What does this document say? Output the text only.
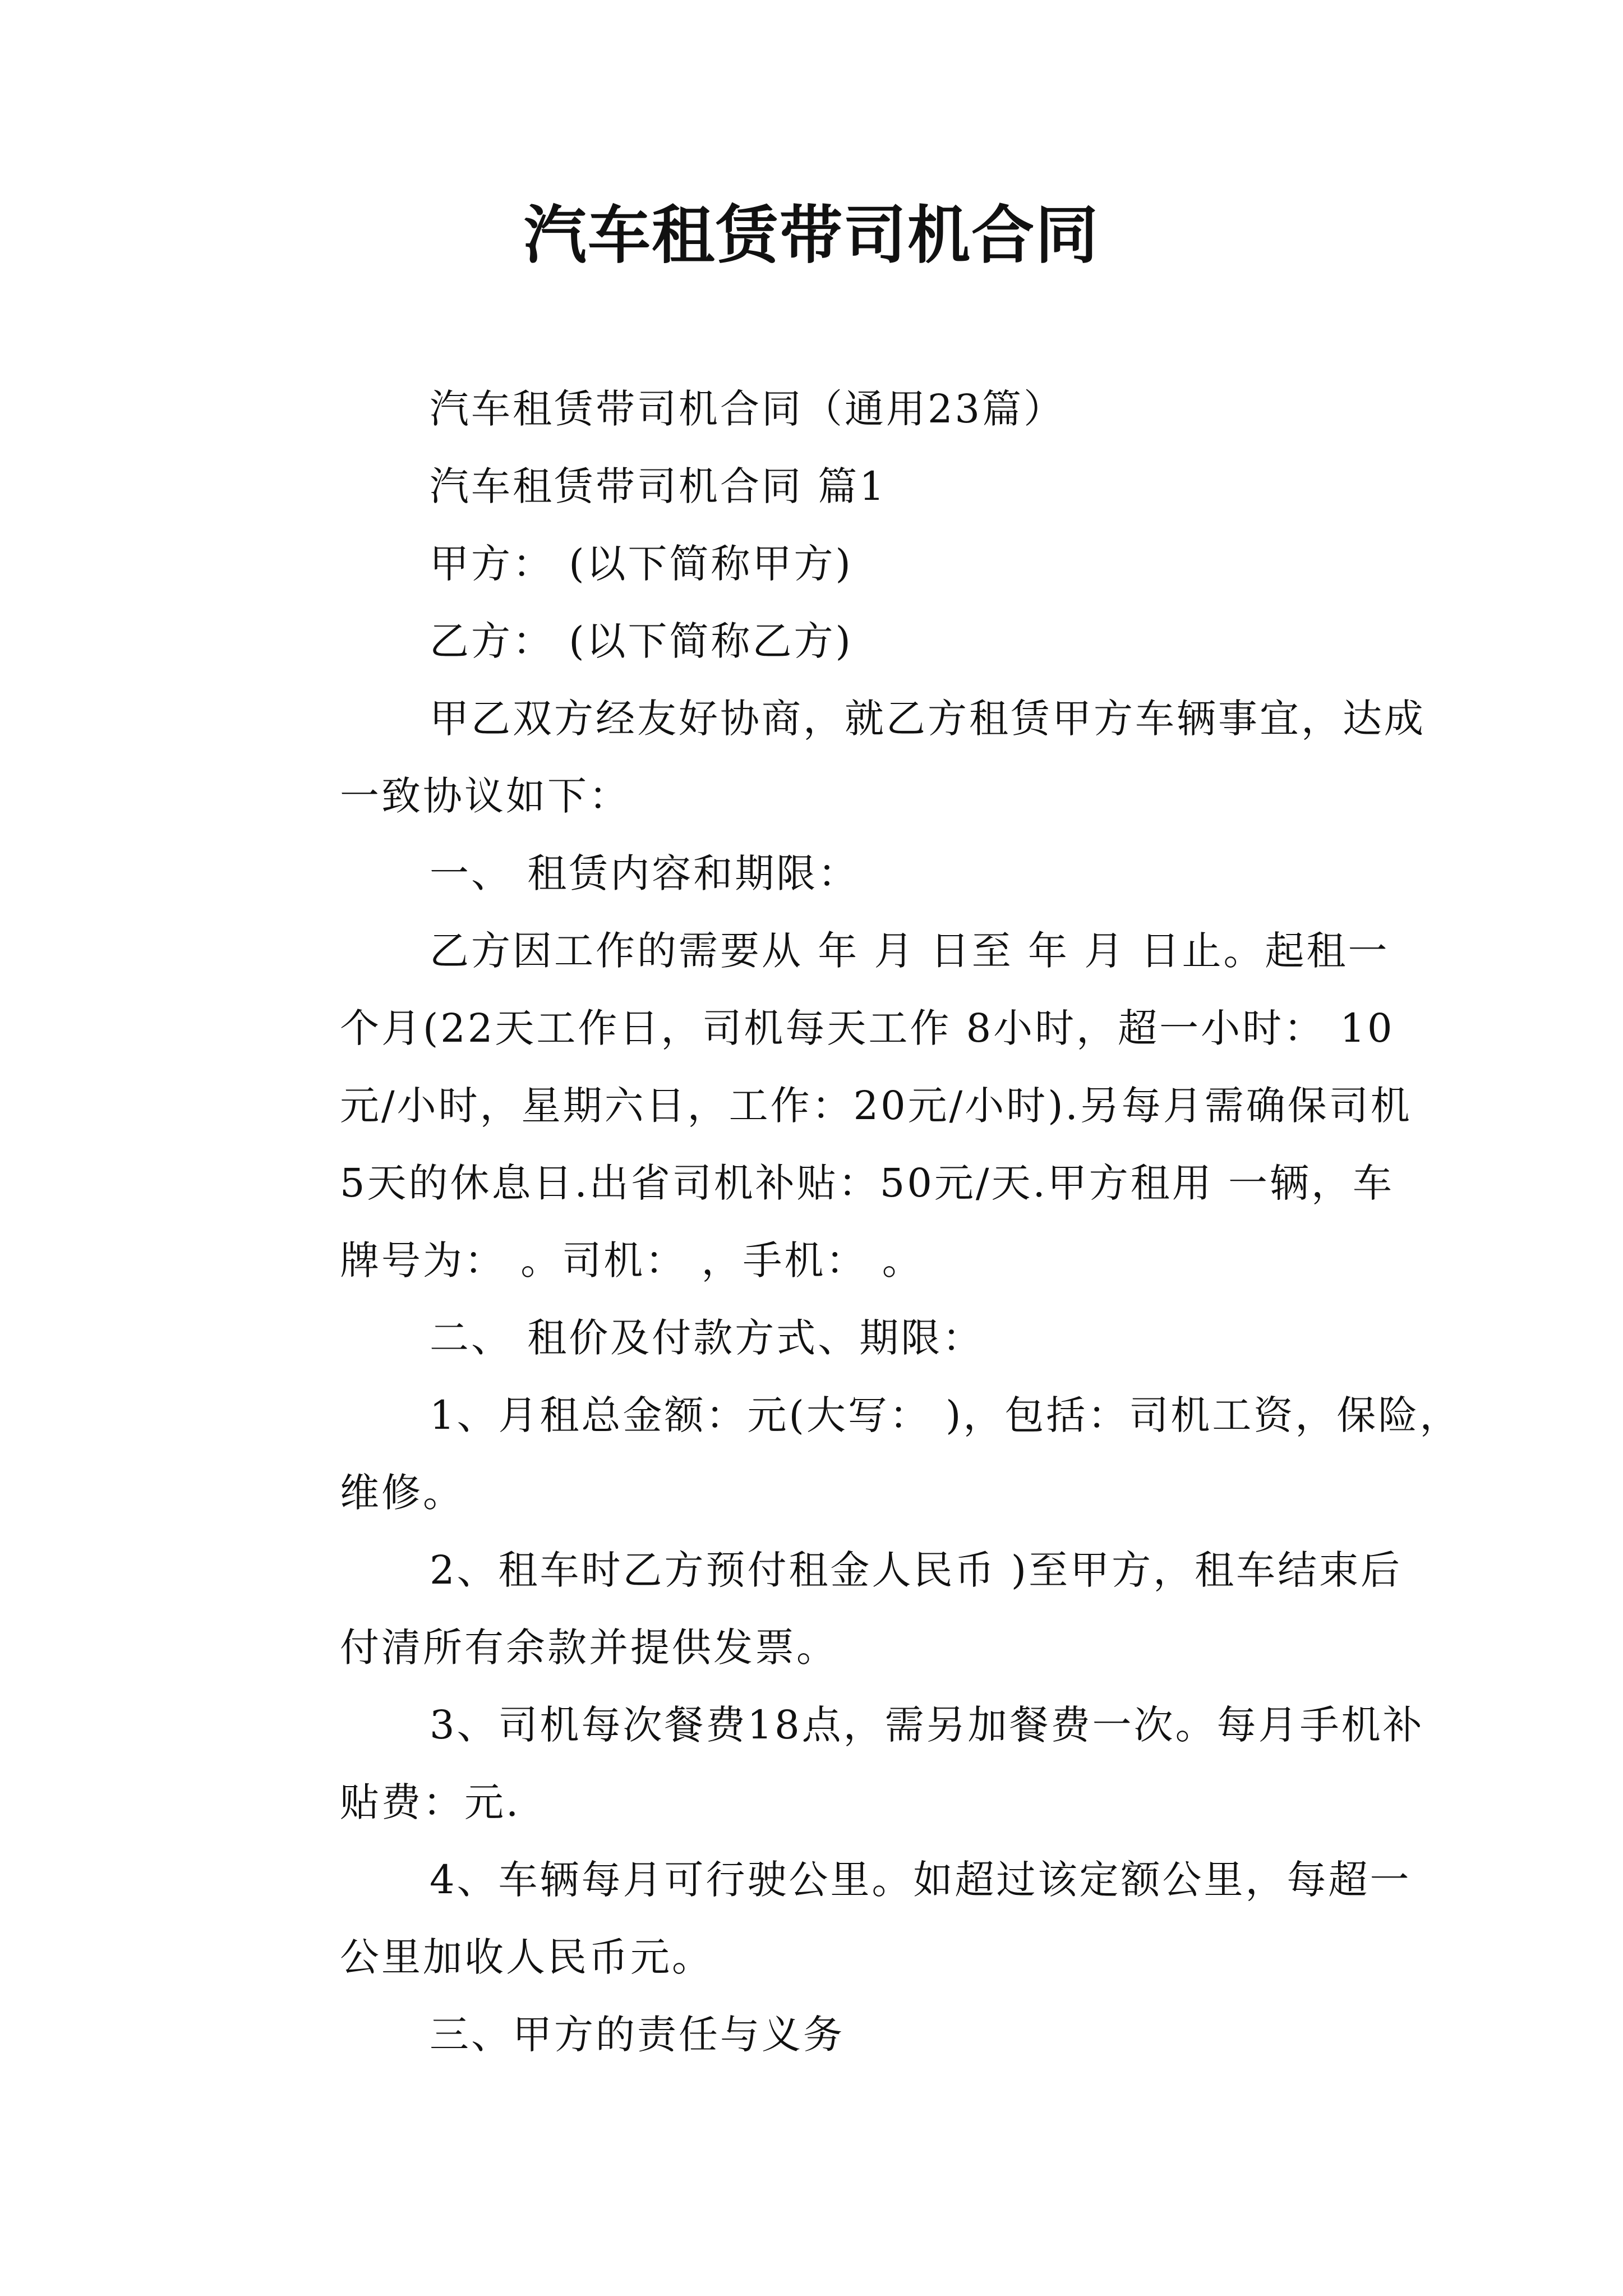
汽车租赁带司机合同

汽车租赁带司机合同（通用23篇）

汽车租赁带司机合同 篇1

甲方： (以下简称甲方)

乙方： (以下简称乙方)

甲乙双方经友好协商，就乙方租赁甲方车辆事宜，达成
一致协议如下：

一、 租赁内容和期限：

乙方因工作的需要从 年 月 日至 年 月 日止。起租一
个月(22天工作日，司机每天工作 8小时，超一小时： 10
元/小时，星期六日，工作：20元/小时).另每月需确保司机
5天的休息日.出省司机补贴：50元/天.甲方租用 一辆，车
牌号为： 。司机： ，手机： 。

二、 租价及付款方式、期限：

1、月租总金额：元(大写： )，包括：司机工资，保险，
维修。

2、租车时乙方预付租金人民币 )至甲方，租车结束后
付清所有余款并提供发票。

3、司机每次餐费18点，需另加餐费一次。每月手机补
贴费：元.

4、车辆每月可行驶公里。如超过该定额公里，每超一
公里加收人民币元。

三、甲方的责任与义务
